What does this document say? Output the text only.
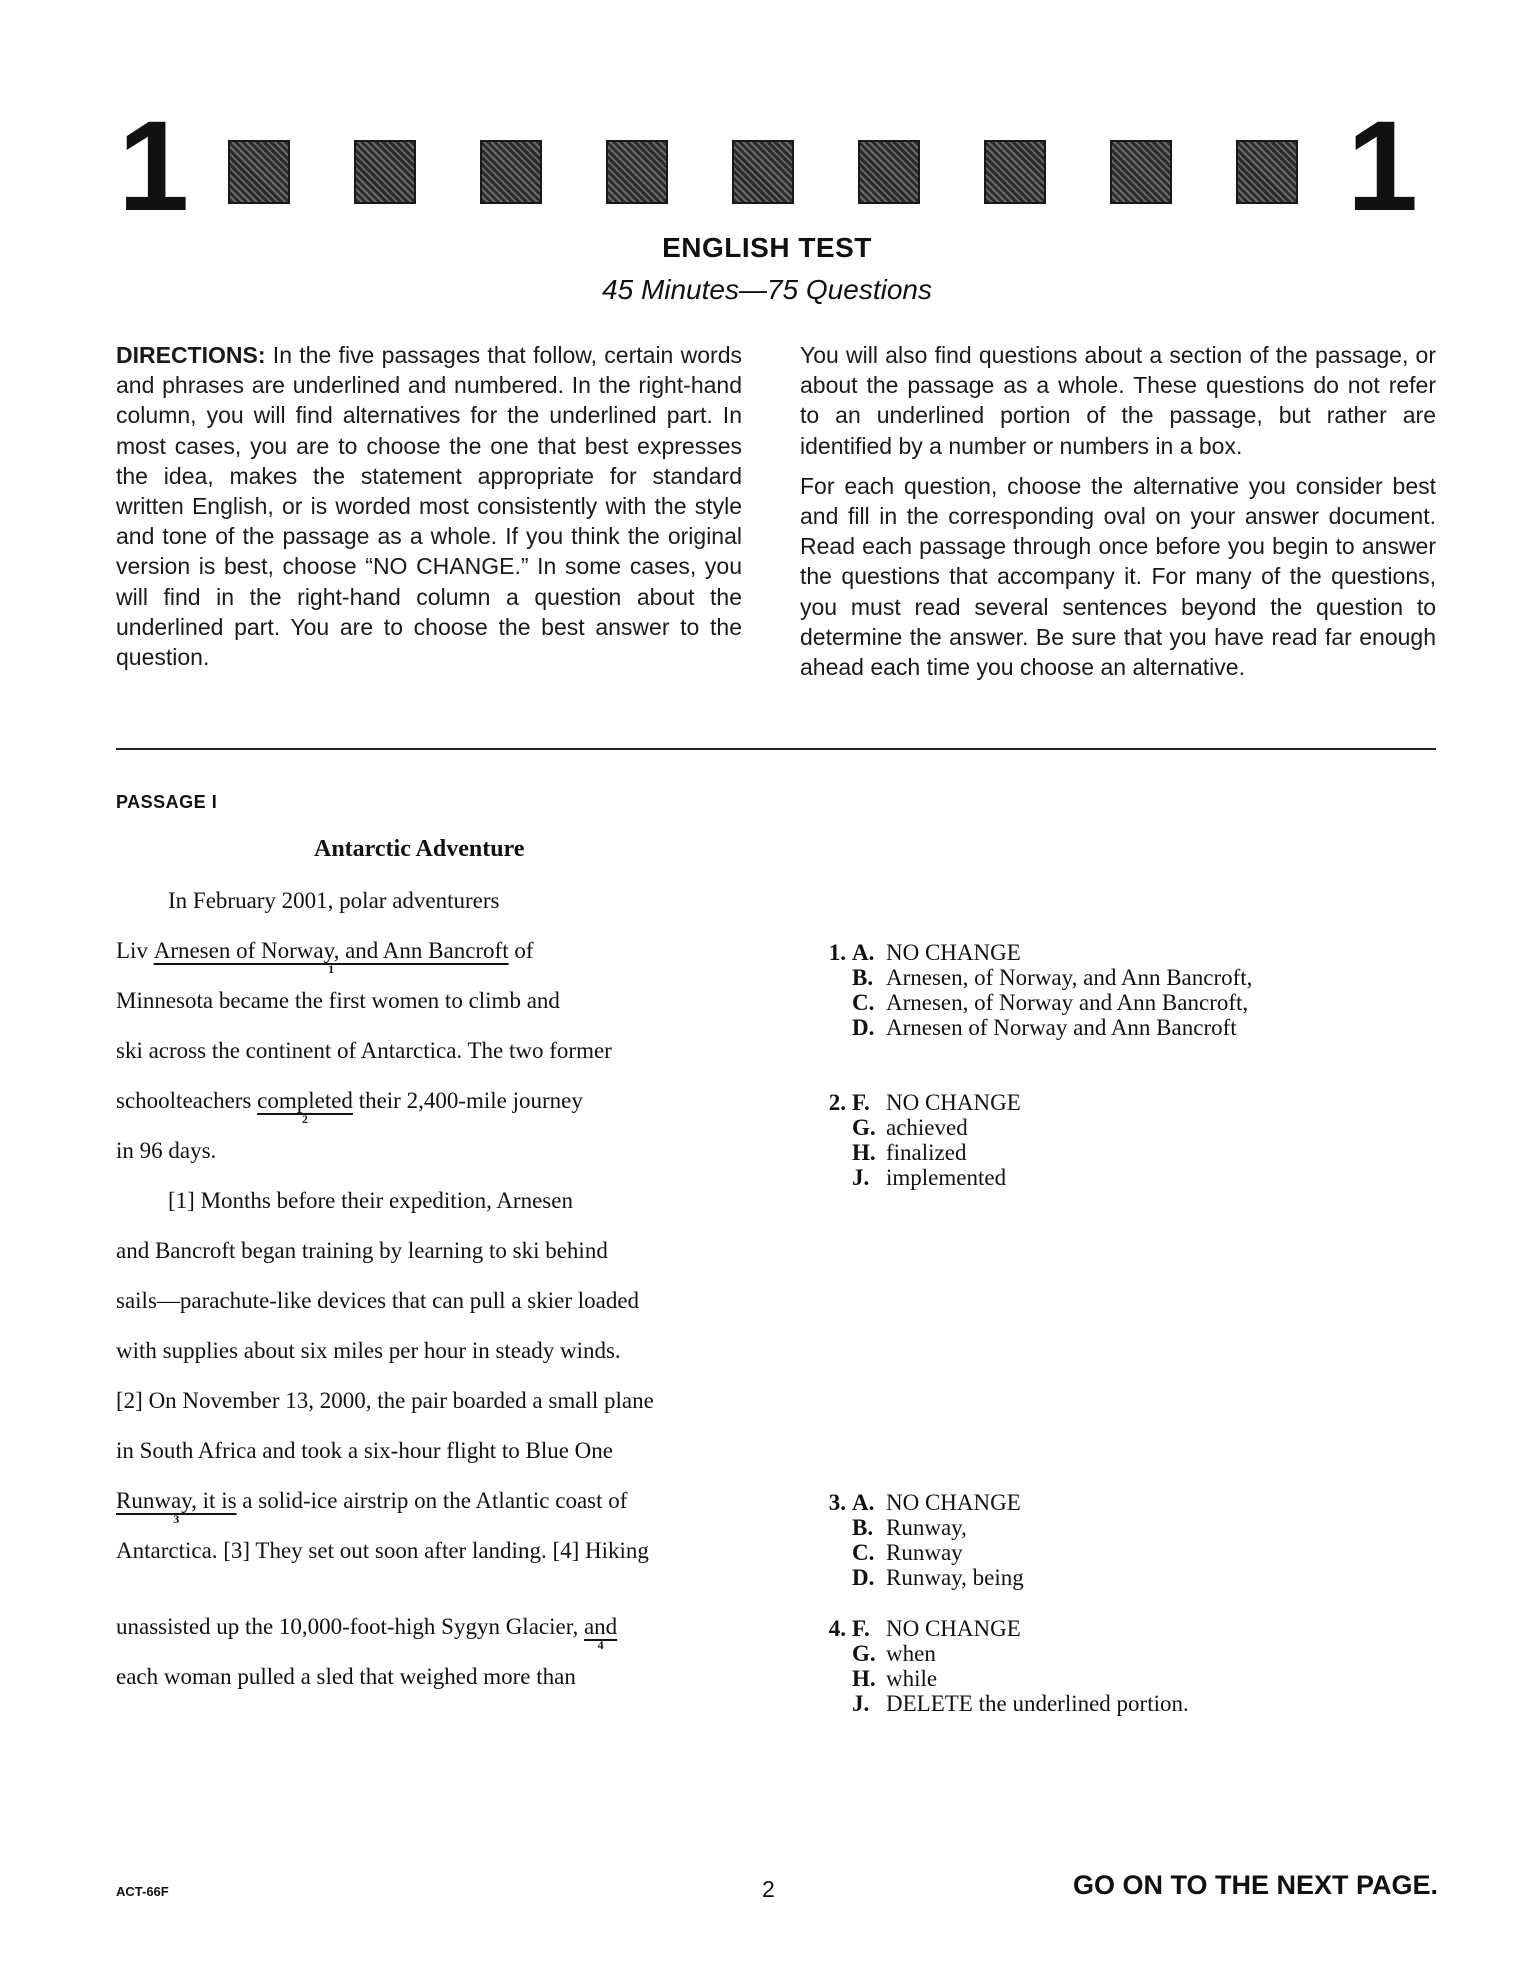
1	1
ENGLISH TEST
45 Minutes—75 Questions

DIRECTIONS: In the five passages that follow, certain words and phrases are underlined and numbered. In the right-hand column, you will find alternatives for the underlined part. In most cases, you are to choose the one that best expresses the idea, makes the statement appropriate for standard written English, or is worded most consistently with the style and tone of the passage as a whole. If you think the original version is best, choose “NO CHANGE.” In some cases, you will find in the right-hand column a question about the underlined part. You are to choose the best answer to the question.

You will also find questions about a section of the passage, or about the passage as a whole. These questions do not refer to an underlined portion of the passage, but rather are identified by a number or numbers in a box.

For each question, choose the alternative you consider best and fill in the corresponding oval on your answer document. Read each passage through once before you begin to answer the questions that accompany it. For many of the questions, you must read several sentences beyond the question to determine the answer. Be sure that you have read far enough ahead each time you choose an alternative.

PASSAGE I
Antarctic Adventure
In February 2001, polar adventurers
Liv Arnesen of Norway, and Ann Bancroft
1
of
Minnesota became the first women to climb and
ski across the continent of Antarctica. The two former
schoolteachers completed
2
their 2,400-mile journey
in 96 days.
[1] Months before their expedition, Arnesen
and Bancroft began training by learning to ski behind
sails—parachute-like devices that can pull a skier loaded
with supplies about six miles per hour in steady winds.
[2] On November 13, 2000, the pair boarded a small plane
in South Africa and took a six-hour flight to Blue One
Runway, it is
3
a solid-ice airstrip on the Atlantic coast of
Antarctica. [3] They set out soon after landing. [4] Hiking
unassisted up the 10,000-foot-high Sygyn Glacier, and
4
each woman pulled a sled that weighed more than
1. A. NO CHANGE
B. Arnesen, of Norway, and Ann Bancroft,
C. Arnesen, of Norway and Ann Bancroft,
D. Arnesen of Norway and Ann Bancroft
2. F. NO CHANGE
G. achieved
H. finalized
J. implemented
3. A. NO CHANGE
B. Runway,
C. Runway
D. Runway, being
4. F. NO CHANGE
G. when
H. while
J. DELETE the underlined portion.
ACT-66F	2	GO ON TO THE NEXT PAGE.
